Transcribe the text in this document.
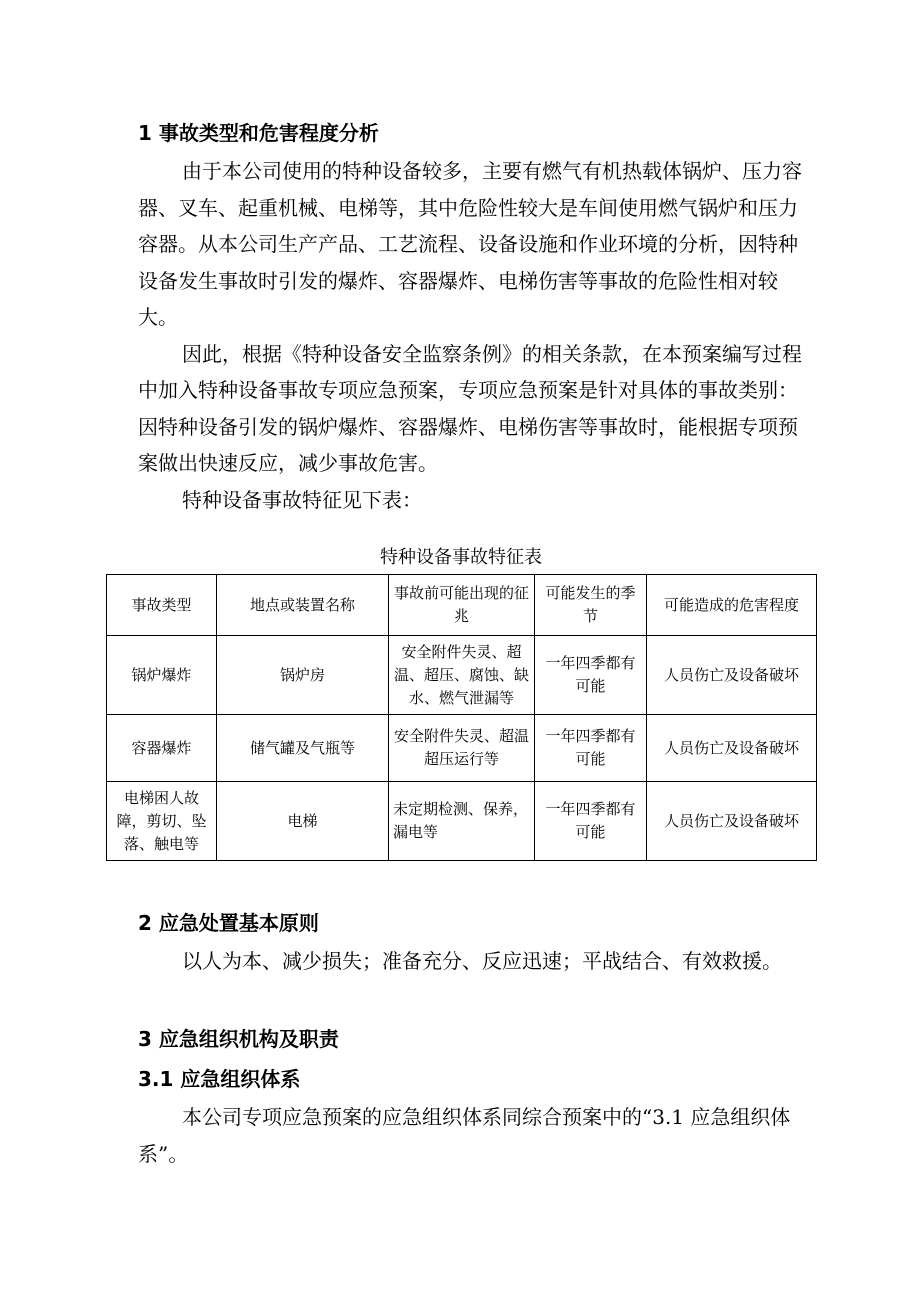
1 事故类型和危害程度分析

由于本公司使用的特种设备较多，主要有燃气有机热载体锅炉、压力容器、叉车、起重机械、电梯等，其中危险性较大是车间使用燃气锅炉和压力容器。从本公司生产产品、工艺流程、设备设施和作业环境的分析，因特种设备发生事故时引发的爆炸、容器爆炸、电梯伤害等事故的危险性相对较大。

因此，根据《特种设备安全监察条例》的相关条款，在本预案编写过程中加入特种设备事故专项应急预案，专项应急预案是针对具体的事故类别：因特种设备引发的锅炉爆炸、容器爆炸、电梯伤害等事故时，能根据专项预案做出快速反应，减少事故危害。

特种设备事故特征见下表：

特种设备事故特征表
事故类型	地点或装置名称	事故前可能出现的征兆	可能发生的季节	可能造成的危害程度
锅炉爆炸	锅炉房	安全附件失灵、超温、超压、腐蚀、缺水、燃气泄漏等	一年四季都有可能	人员伤亡及设备破坏
容器爆炸	储气罐及气瓶等	安全附件失灵、超温超压运行等	一年四季都有可能	人员伤亡及设备破坏
电梯困人故障，剪切、坠落、触电等	电梯	未定期检测、保养，漏电等	一年四季都有可能	人员伤亡及设备破坏
2 应急处置基本原则

以人为本、减少损失；准备充分、反应迅速；平战结合、有效救援。

3 应急组织机构及职责
3.1 应急组织体系

本公司专项应急预案的应急组织体系同综合预案中的“3.1 应急组织体系”。
